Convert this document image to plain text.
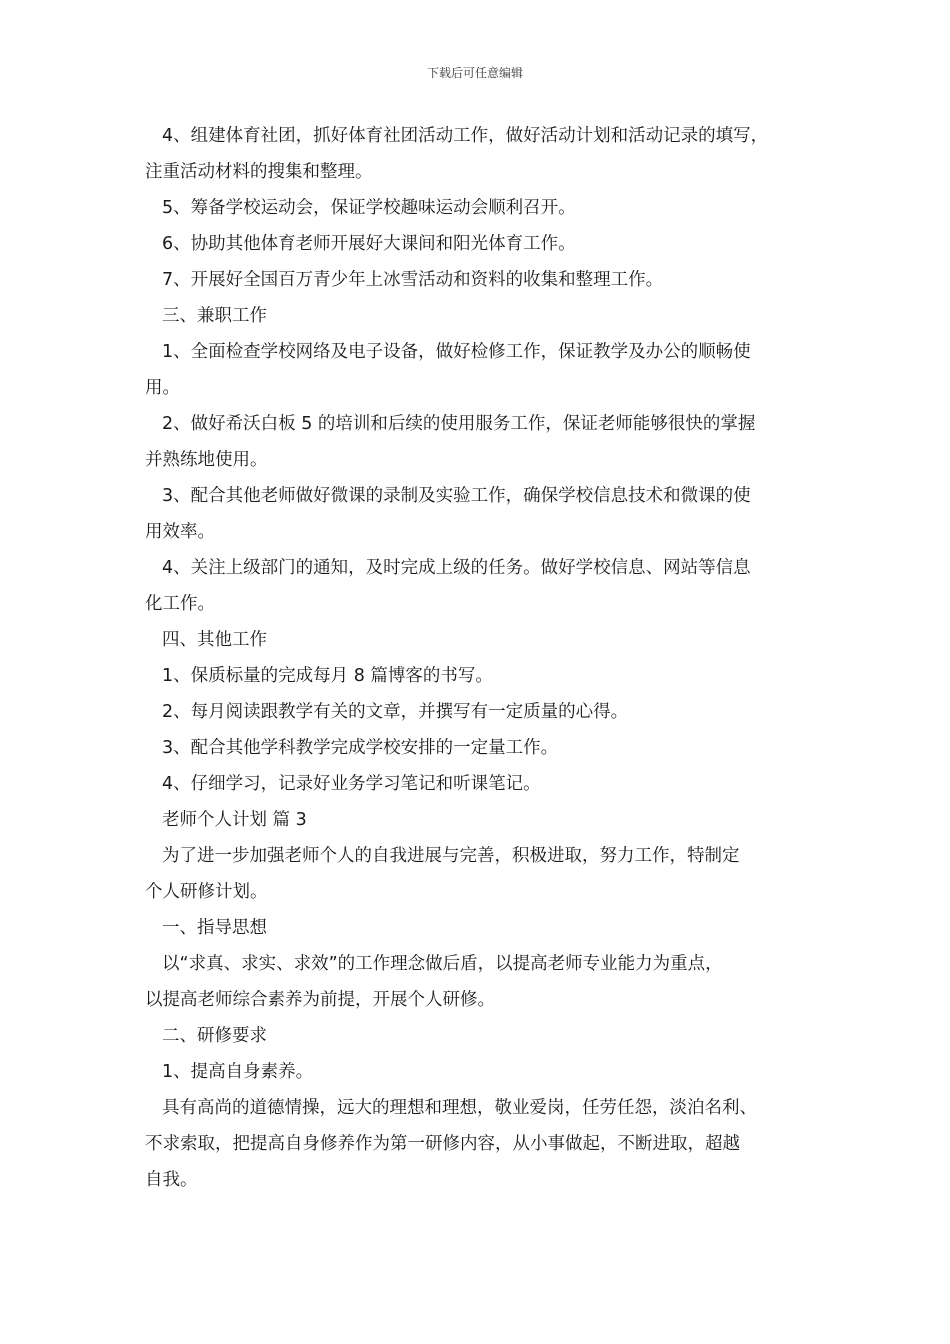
下载后可任意编辑
4、组建体育社团，抓好体育社团活动工作，做好活动计划和活动记录的填写，
注重活动材料的搜集和整理。
5、筹备学校运动会，保证学校趣味运动会顺利召开。
6、协助其他体育老师开展好大课间和阳光体育工作。
7、开展好全国百万青少年上冰雪活动和资料的收集和整理工作。
三、兼职工作
1、全面检查学校网络及电子设备，做好检修工作，保证教学及办公的顺畅使
用。
2、做好希沃白板 5 的培训和后续的使用服务工作，保证老师能够很快的掌握
并熟练地使用。
3、配合其他老师做好微课的录制及实验工作，确保学校信息技术和微课的使
用效率。
4、关注上级部门的通知，及时完成上级的任务。做好学校信息、网站等信息
化工作。
四、其他工作
1、保质标量的完成每月 8 篇博客的书写。
2、每月阅读跟教学有关的文章，并撰写有一定质量的心得。
3、配合其他学科教学完成学校安排的一定量工作。
4、仔细学习，记录好业务学习笔记和听课笔记。
老师个人计划 篇 3
为了进一步加强老师个人的自我进展与完善，积极进取，努力工作，特制定
个人研修计划。
一、指导思想
以“求真、求实、求效”的工作理念做后盾，以提高老师专业能力为重点，
以提高老师综合素养为前提，开展个人研修。
二、研修要求
1、提高自身素养。
具有高尚的道德情操，远大的理想和理想，敬业爱岗，任劳任怨，淡泊名利、
不求索取，把提高自身修养作为第一研修内容，从小事做起，不断进取，超越
自我。
